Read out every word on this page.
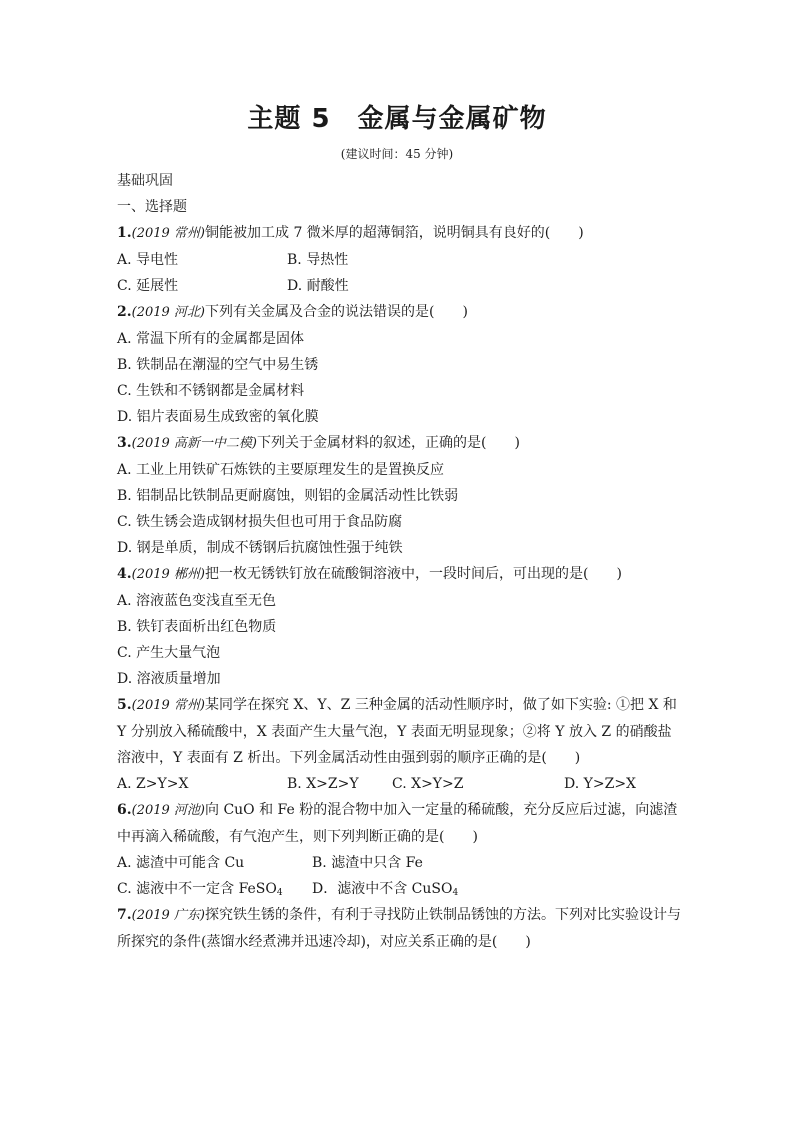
主题 5　金属与金属矿物
(建议时间：45 分钟)
基础巩固
一、选择题
1.(2019 常州)铜能被加工成 7 微米厚的超薄铜箔，说明铜具有良好的(　　)
A. 导电性	B. 导热性
C. 延展性	D. 耐酸性
2.(2019 河北)下列有关金属及合金的说法错误的是(　　)
A. 常温下所有的金属都是固体
B. 铁制品在潮湿的空气中易生锈
C. 生铁和不锈钢都是金属材料
D. 铝片表面易生成致密的氧化膜
3.(2019 高新一中二模)下列关于金属材料的叙述，正确的是(　　)
A. 工业上用铁矿石炼铁的主要原理发生的是置换反应
B. 铝制品比铁制品更耐腐蚀，则铝的金属活动性比铁弱
C. 铁生锈会造成钢材损失但也可用于食品防腐
D. 钢是单质，制成不锈钢后抗腐蚀性强于纯铁
4.(2019 郴州)把一枚无锈铁钉放在硫酸铜溶液中，一段时间后，可出现的是(　　)
A. 溶液蓝色变浅直至无色
B. 铁钉表面析出红色物质
C. 产生大量气泡
D. 溶液质量增加
5.(2019 常州)某同学在探究 X、Y、Z 三种金属的活动性顺序时，做了如下实验: ①把 X 和 Y 分别放入稀硫酸中，X 表面产生大量气泡，Y 表面无明显现象；②将 Y 放入 Z 的硝酸盐溶液中，Y 表面有 Z 析出。下列金属活动性由强到弱的顺序正确的是(　　)
A. Z>Y>X	B. X>Z>Y	C. X>Y>Z	D. Y>Z>X
6.(2019 河池)向 CuO 和 Fe 粉的混合物中加入一定量的稀硫酸，充分反应后过滤，向滤渣中再滴入稀硫酸，有气泡产生，则下列判断正确的是(　　)
A. 滤渣中可能含 Cu	B. 滤渣中只含 Fe
C. 滤液中不一定含 FeSO$_4$	D．滤液中不含 CuSO$_4$
7.(2019 广东)探究铁生锈的条件，有利于寻找防止铁制品锈蚀的方法。下列对比实验设计与所探究的条件(蒸馏水经煮沸并迅速冷却)，对应关系正确的是(　　)
